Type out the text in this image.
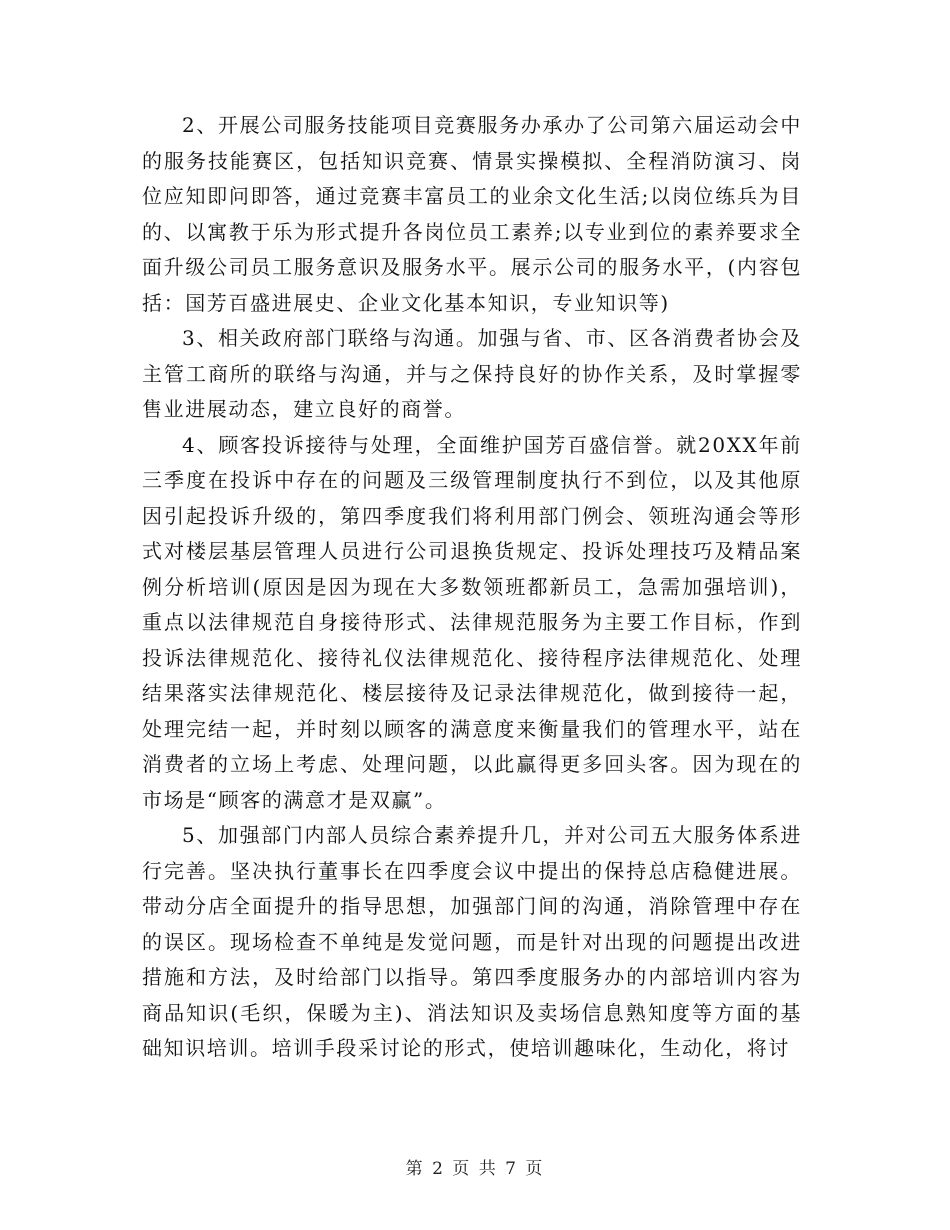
2、开展公司服务技能项目竞赛服务办承办了公司第六届运动会中的服务技能赛区，包括知识竞赛、情景实操模拟、全程消防演习、岗位应知即问即答，通过竞赛丰富员工的业余文化生活;以岗位练兵为目的、以寓教于乐为形式提升各岗位员工素养;以专业到位的素养要求全面升级公司员工服务意识及服务水平。展示公司的服务水平，(内容包括：国芳百盛进展史、企业文化基本知识，专业知识等)

3、相关政府部门联络与沟通。加强与省、市、区各消费者协会及主管工商所的联络与沟通，并与之保持良好的协作关系，及时掌握零售业进展动态，建立良好的商誉。

4、顾客投诉接待与处理，全面维护国芳百盛信誉。就20XX年前三季度在投诉中存在的问题及三级管理制度执行不到位，以及其他原因引起投诉升级的，第四季度我们将利用部门例会、领班沟通会等形式对楼层基层管理人员进行公司退换货规定、投诉处理技巧及精品案例分析培训(原因是因为现在大多数领班都新员工，急需加强培训)，重点以法律规范自身接待形式、法律规范服务为主要工作目标，作到投诉法律规范化、接待礼仪法律规范化、接待程序法律规范化、处理结果落实法律规范化、楼层接待及记录法律规范化，做到接待一起，处理完结一起，并时刻以顾客的满意度来衡量我们的管理水平，站在消费者的立场上考虑、处理问题，以此赢得更多回头客。因为现在的市场是“顾客的满意才是双赢”。

5、加强部门内部人员综合素养提升几，并对公司五大服务体系进行完善。坚决执行董事长在四季度会议中提出的保持总店稳健进展。带动分店全面提升的指导思想，加强部门间的沟通，消除管理中存在的误区。现场检查不单纯是发觉问题，而是针对出现的问题提出改进措施和方法，及时给部门以指导。第四季度服务办的内部培训内容为商品知识(毛织，保暖为主)、消法知识及卖场信息熟知度等方面的基础知识培训。培训手段采讨论的形式，使培训趣味化，生动化，将讨

第 2 页 共 7 页
